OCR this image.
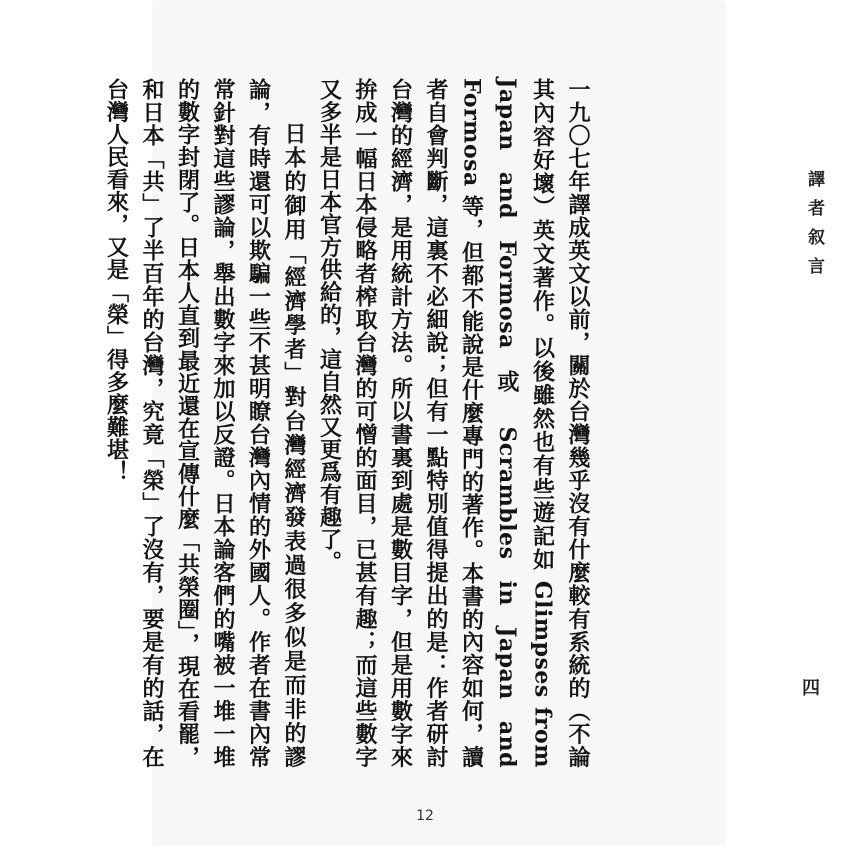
譯者叙言
四

一九〇七年譯成英文以前，關於台灣幾乎沒有什麼較有系統的（不論其內容好壞）英文著作。以後雖然也有些遊記如 Glimpses from Japan and Formosa 或 Scrambles in Japan and Formosa 等，但都不能說是什麼專門的著作。本書的內容如何，讀者自會判斷，這裏不必細說；但有一點特別值得提出的是：作者研討台灣的經濟，是用統計方法。所以書裏到處是數目字，但是用數字來拚成一幅日本侵略者榨取台灣的可憎的面目，已甚有趣；而這些數字又多半是日本官方供給的，這自然又更爲有趣了。

日本的御用「經濟學者」對台灣經濟發表過很多似是而非的謬論，有時還可以欺騙一些不甚明瞭台灣內情的外國人。作者在書內常常針對這些謬論，舉出數字來加以反證。日本論客們的嘴被一堆一堆的數字封閉了。日本人直到最近還在宣傳什麼「共榮圈」，現在看罷，和日本「共」了半百年的台灣，究竟「榮」了沒有，要是有的話，在台灣人民看來，又是「榮」得多麼難堪！

12
